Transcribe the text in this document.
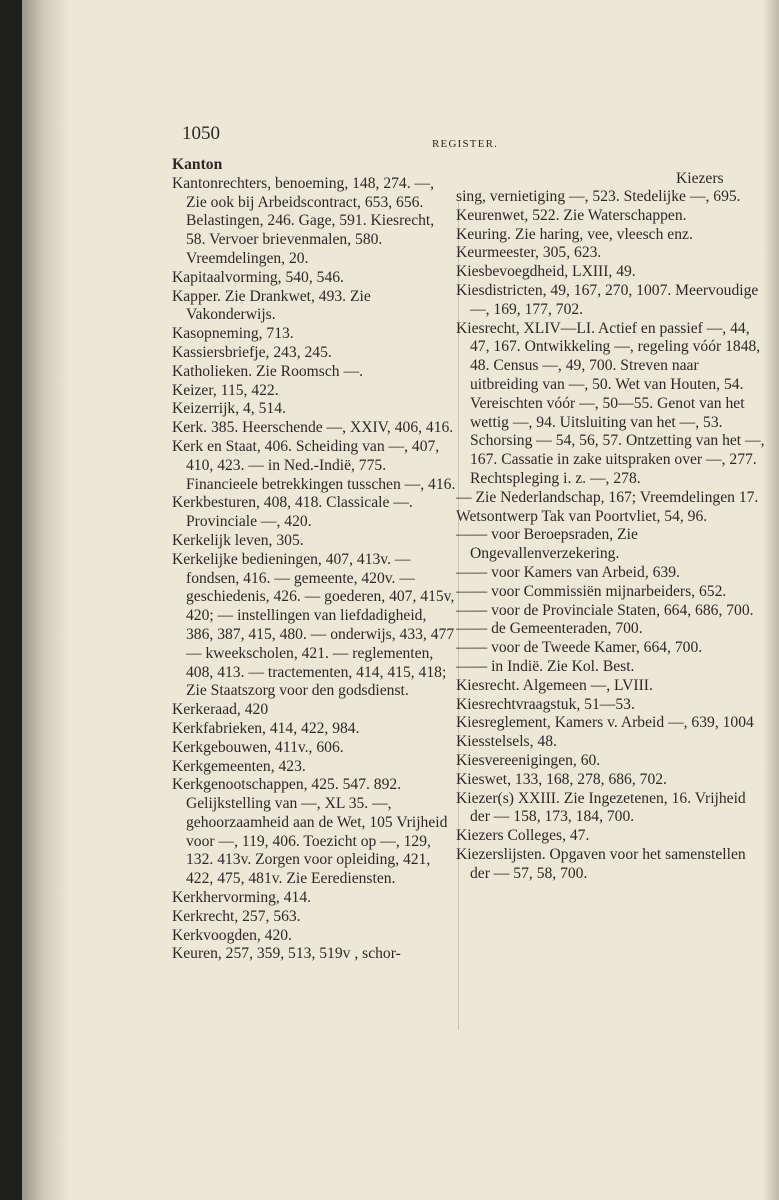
1050	REGISTER.

Kanton

Kantonrechters, benoeming, 148, 274. —, Zie ook bij Arbeidscontract, 653, 656. Belastingen, 246. Gage, 591. Kiesrecht, 58. Vervoer brievenmalen, 580. Vreemdelingen, 20.

Kapitaalvorming, 540, 546.

Kapper. Zie Drankwet, 493. Zie Vakonderwijs.

Kasopneming, 713.

Kassiersbriefje, 243, 245.

Katholieken. Zie Roomsch —.

Keizer, 115, 422.

Keizerrijk, 4, 514.

Kerk. 385. Heerschende —, XXIV, 406, 416.

Kerk en Staat, 406. Scheiding van —, 407, 410, 423. — in Ned.-Indië, 775. Financieele betrekkingen tusschen —, 416.

Kerkbesturen, 408, 418. Classicale —. Provinciale —, 420.

Kerkelijk leven, 305.

Kerkelijke bedieningen, 407, 413v. — fondsen, 416. — gemeente, 420v. — geschiedenis, 426. — goederen, 407, 415v, 420; — instellingen van liefdadigheid, 386, 387, 415, 480. — onderwijs, 433, 477 — kweekscholen, 421. — reglementen, 408, 413. — tractementen, 414, 415, 418; Zie Staatszorg voor den godsdienst.

Kerkeraad, 420

Kerkfabrieken, 414, 422, 984.

Kerkgebouwen, 411v., 606.

Kerkgemeenten, 423.

Kerkgenootschappen, 425. 547. 892. Gelijkstelling van —, XL 35. —, gehoorzaamheid aan de Wet, 105 Vrijheid voor —, 119, 406. Toezicht op —, 129, 132. 413v. Zorgen voor opleiding, 421, 422, 475, 481v. Zie Eerediensten.

Kerkhervorming, 414.

Kerkrecht, 257, 563.

Kerkvoogden, 420.

Keuren, 257, 359, 513, 519v , schor-

sing, vernietiging —, 523. Stedelijke —, 695.

Keurenwet, 522. Zie Waterschappen.

Keuring. Zie haring, vee, vleesch enz.

Keurmeester, 305, 623.

Kiesbevoegdheid, LXIII, 49.

Kiesdistricten, 49, 167, 270, 1007. Meervoudige —, 169, 177, 702.

Kiesrecht, XLIV—LI. Actief en passief —, 44, 47, 167. Ontwikkeling —, regeling vóór 1848, 48. Census —, 49, 700. Streven naar uitbreiding van —, 50. Wet van Houten, 54. Vereischten vóór —, 50—55. Genot van het wettig —, 94. Uitsluiting van het —, 53. Schorsing — 54, 56, 57. Ontzetting van het —, 167. Cassatie in zake uitspraken over —, 277. Rechtspleging i. z. —, 278.

— Zie Nederlandschap, 167; Vreemdelingen 17.

Wetsontwerp Tak van Poortvliet, 54, 96.

—— voor Beroepsraden, Zie Ongevallenverzekering.

—— voor Kamers van Arbeid, 639.

—— voor Commissiën mijnarbeiders, 652.

—— voor de Provinciale Staten, 664, 686, 700.

—— de Gemeenteraden, 700.

—— voor de Tweede Kamer, 664, 700.

—— in Indië. Zie Kol. Best.

Kiesrecht. Algemeen —, LVIII.

Kiesrechtvraagstuk, 51—53.

Kiesreglement, Kamers v. Arbeid —, 639, 1004

Kiesstelsels, 48.

Kiesvereenigingen, 60.

Kieswet, 133, 168, 278, 686, 702.

Kiezer(s) XXIII. Zie Ingezetenen, 16. Vrijheid der — 158, 173, 184, 700.

Kiezers Colleges, 47.

Kiezerslijsten. Opgaven voor het samenstellen der — 57, 58, 700.

Kiezers
